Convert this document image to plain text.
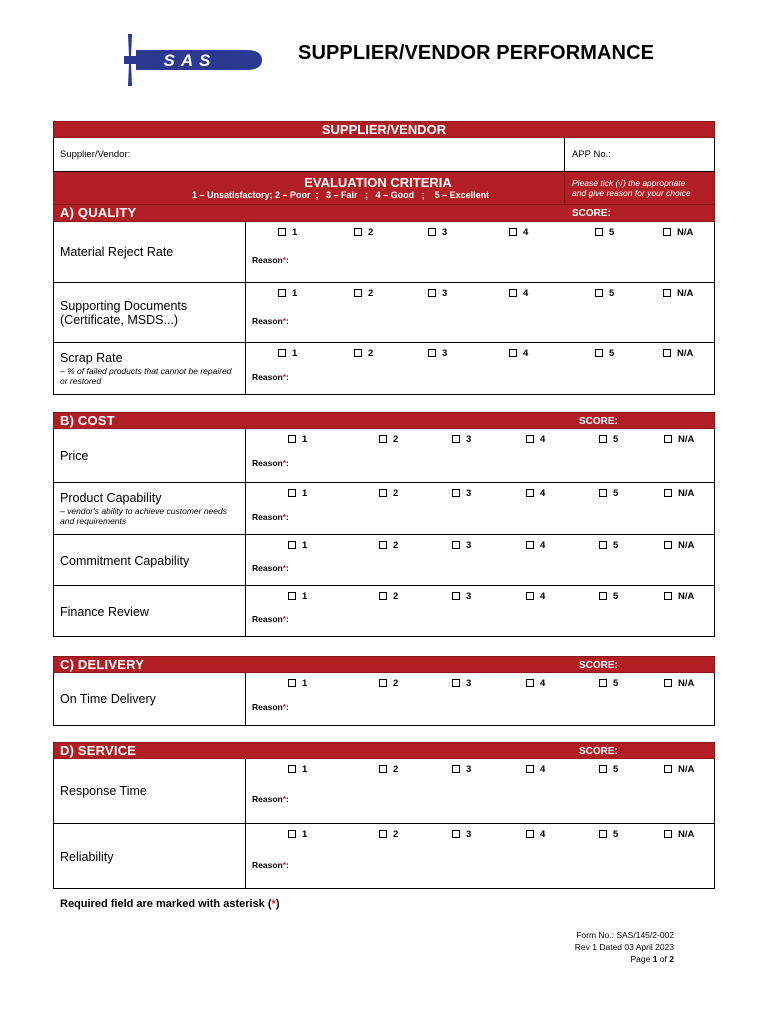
SAS	SUPPLIER/VENDOR PERFORMANCE
SUPPLIER/VENDOR
Supplier/Vendor:	APP No.:
EVALUATION CRITERIA
1 – Unsatisfactory; 2 – Poor  ;   3 – Fair   ;   4 – Good   ;    5 – Excellent
Please tick (√) the appropriate
and give reason for your choice
A) QUALITY	SCORE:
Material Reject Rate
1	2	3	4	5	N/A
Reason*:
Supporting Documents (Certificate, MSDS...)
1	2	3	4	5	N/A
Reason*:
Scrap Rate
– % of failed products that cannot be repaired or restored
1	2	3	4	5	N/A
Reason*:
B) COST	SCORE:
Price
1	2	3	4	5	N/A
Reason*:
Product Capability
– vendor's ability to achieve customer needs and requirements
1	2	3	4	5	N/A
Reason*:
Commitment Capability
1	2	3	4	5	N/A
Reason*:
Finance Review
1	2	3	4	5	N/A
Reason*:
C) DELIVERY	SCORE:
On Time Delivery
1	2	3	4	5	N/A
Reason*:
D) SERVICE	SCORE:
Response Time
1	2	3	4	5	N/A
Reason*:
Reliability
1	2	3	4	5	N/A
Reason*:
Required field are marked with asterisk (*)
Form No.: SAS/145/2-002
Rev 1 Dated 03 April 2023
Page 1 of 2
